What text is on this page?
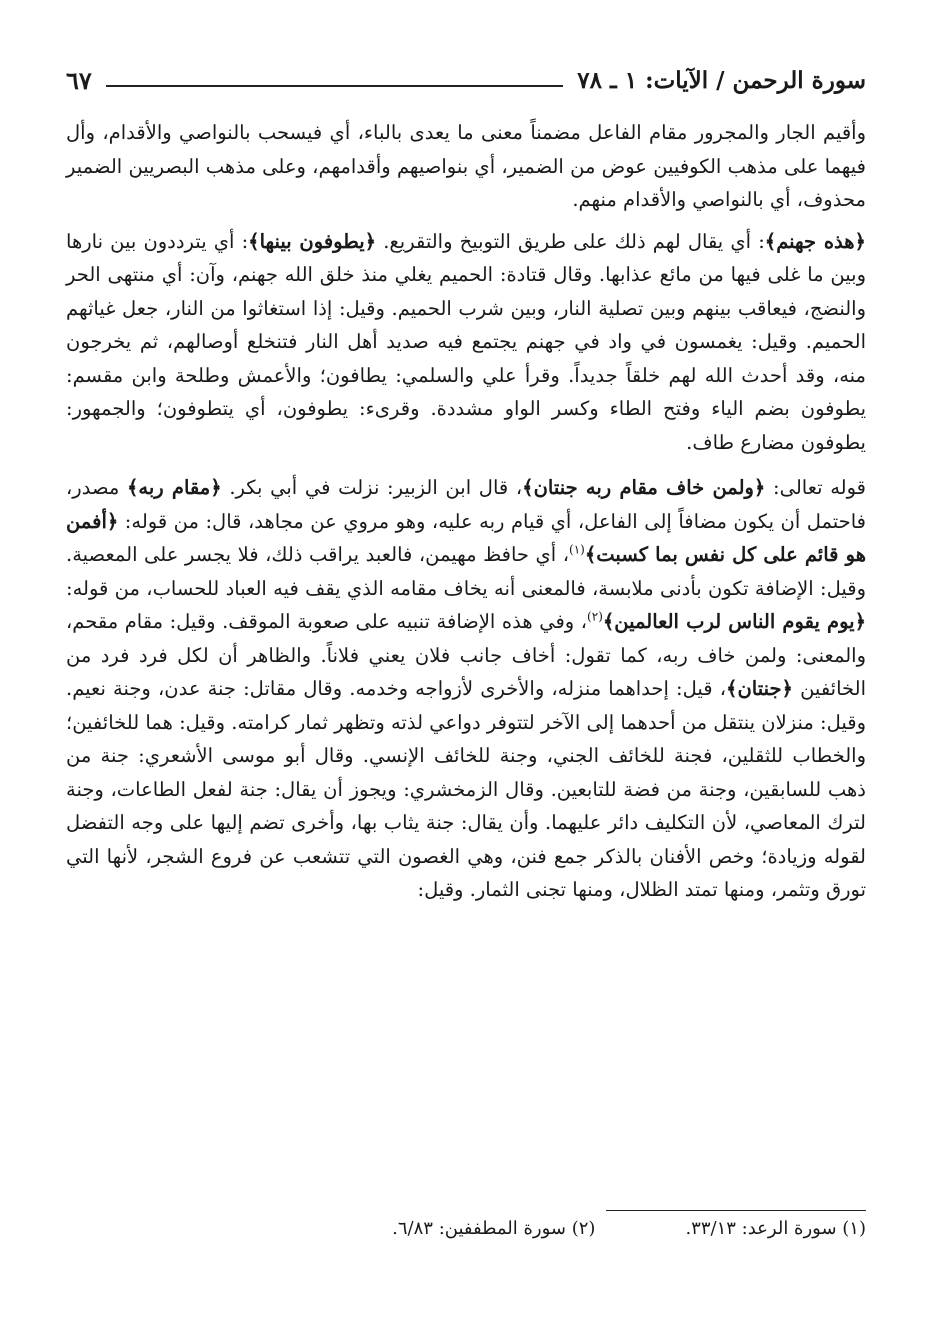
سورة الرحمن / الآيات: ١ ـ ٧٨
٦٧

وأقيم الجار والمجرور مقام الفاعل مضمناً معنى ما يعدى بالباء، أي فيسحب بالنواصي والأقدام، وأل فيهما على مذهب الكوفيين عوض من الضمير، أي بنواصيهم وأقدامهم، وعلى مذهب البصريين الضمير محذوف، أي بالنواصي والأقدام منهم.

﴿هذه جهنم﴾: أي يقال لهم ذلك على طريق التوبيخ والتقريع. ﴿يطوفون بينها﴾: أي يترددون بين نارها وبين ما غلى فيها من مائع عذابها. وقال قتادة: الحميم يغلي منذ خلق الله جهنم، وآن: أي منتهى الحر والنضج، فيعاقب بينهم وبين تصلية النار، وبين شرب الحميم. وقيل: إذا استغاثوا من النار، جعل غياثهم الحميم. وقيل: يغمسون في واد في جهنم يجتمع فيه صديد أهل النار فتنخلع أوصالهم، ثم يخرجون منه، وقد أحدث الله لهم خلقاً جديداً. وقرأ علي والسلمي: يطافون؛ والأعمش وطلحة وابن مقسم: يطوفون بضم الياء وفتح الطاء وكسر الواو مشددة. وقرىء: يطوفون، أي يتطوفون؛ والجمهور: يطوفون مضارع طاف.

قوله تعالى: ﴿ولمن خاف مقام ربه جنتان﴾، قال ابن الزبير: نزلت في أبي بكر. ﴿مقام ربه﴾ مصدر، فاحتمل أن يكون مضافاً إلى الفاعل، أي قيام ربه عليه، وهو مروي عن مجاهد، قال: من قوله: ﴿أفمن هو قائم على كل نفس بما كسبت﴾$^{(١)}$، أي حافظ مهيمن، فالعبد يراقب ذلك، فلا يجسر على المعصية. وقيل: الإضافة تكون بأدنى ملابسة، فالمعنى أنه يخاف مقامه الذي يقف فيه العباد للحساب، من قوله: ﴿يوم يقوم الناس لرب العالمين﴾$^{(٢)}$، وفي هذه الإضافة تنبيه على صعوبة الموقف. وقيل: مقام مقحم، والمعنى: ولمن خاف ربه، كما تقول: أخاف جانب فلان يعني فلاناً. والظاهر أن لكل فرد فرد من الخائفين ﴿جنتان﴾، قيل: إحداهما منزله، والأخرى لأزواجه وخدمه. وقال مقاتل: جنة عدن، وجنة نعيم. وقيل: منزلان ينتقل من أحدهما إلى الآخر لتتوفر دواعي لذته وتظهر ثمار كرامته. وقيل: هما للخائفين؛ والخطاب للثقلين، فجنة للخائف الجني، وجنة للخائف الإنسي. وقال أبو موسى الأشعري: جنة من ذهب للسابقين، وجنة من فضة للتابعين. وقال الزمخشري: ويجوز أن يقال: جنة لفعل الطاعات، وجنة لترك المعاصي، لأن التكليف دائر عليهما. وأن يقال: جنة يثاب بها، وأخرى تضم إليها على وجه التفضل لقوله وزيادة؛ وخص الأفنان بالذكر جمع فنن، وهي الغصون التي تتشعب عن فروع الشجر، لأنها التي تورق وتثمر، ومنها تمتد الظلال، ومنها تجنى الثمار. وقيل:

(١) سورة الرعد: ٣٣/١٣.
(٢) سورة المطففين: ٦/٨٣.
